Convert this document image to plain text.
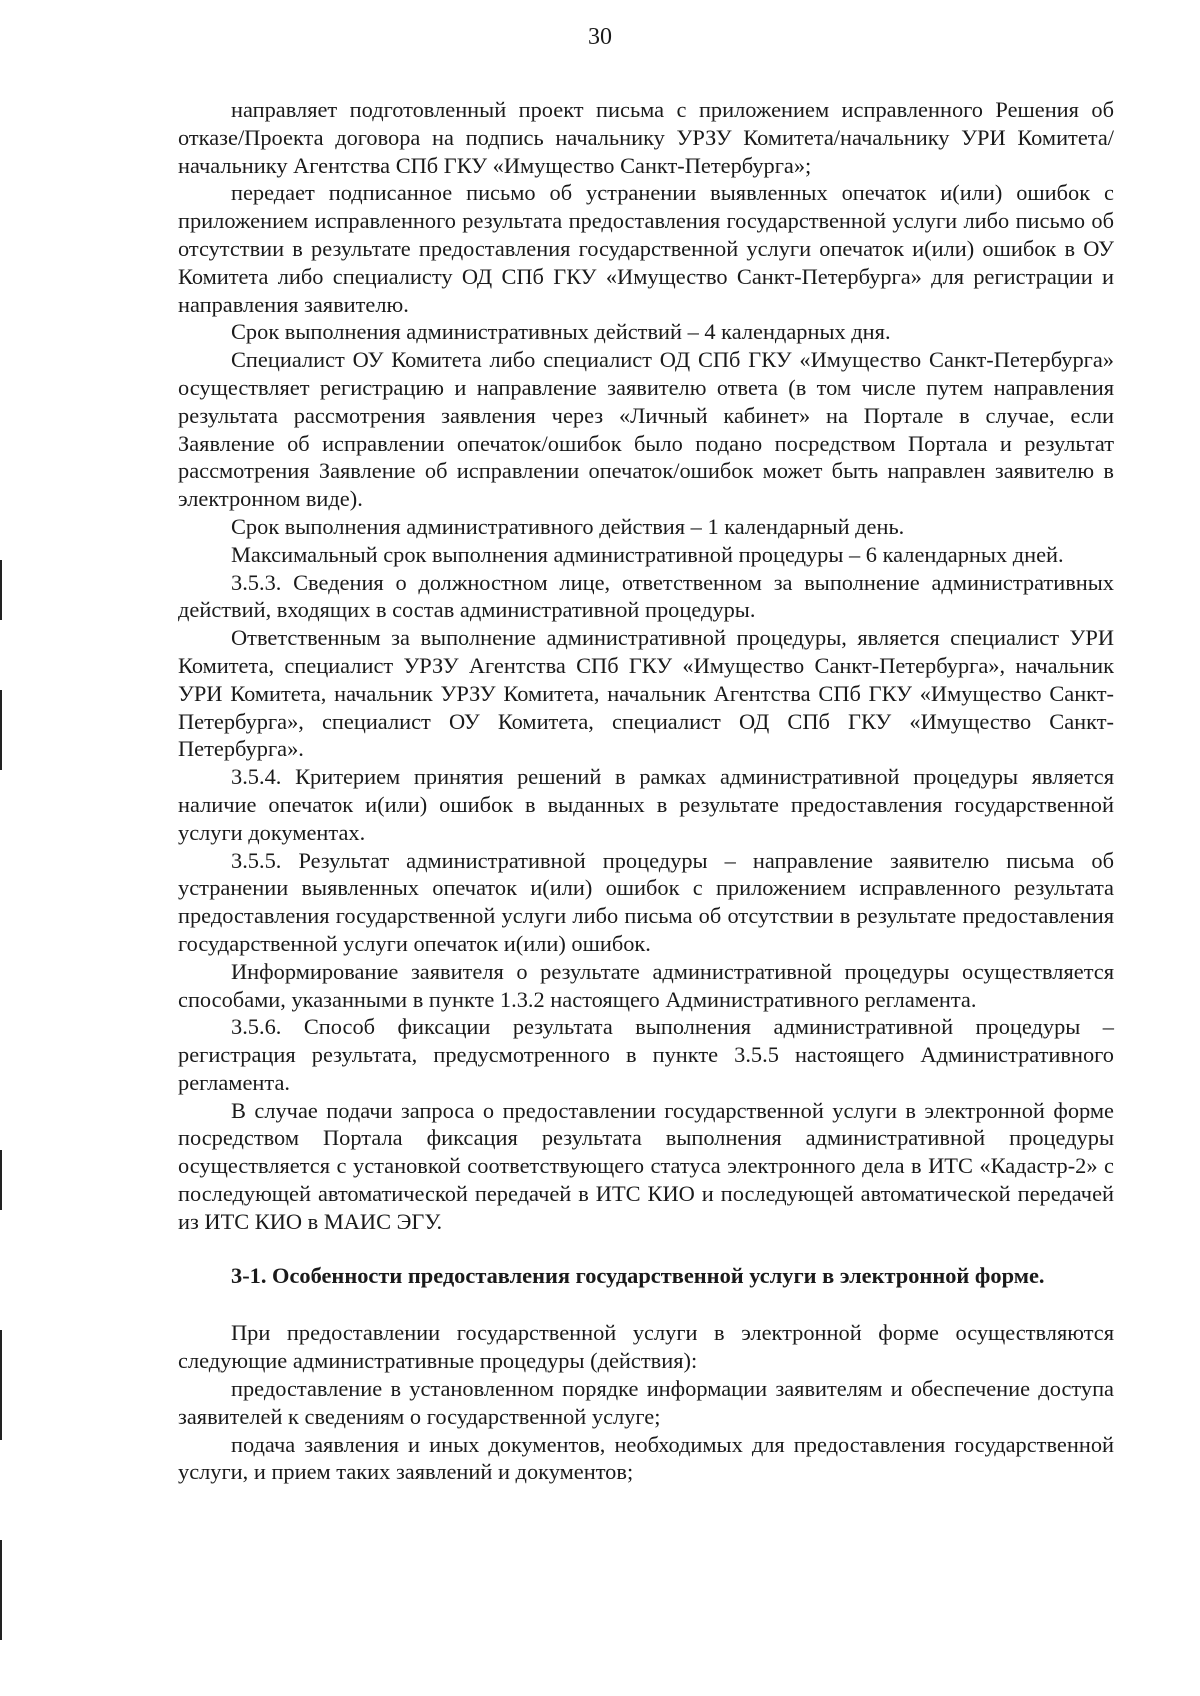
30

направляет подготовленный проект письма с приложением исправленного Решения об отказе/Проекта договора на подпись начальнику УРЗУ Комитета/начальнику УРИ Комитета/начальнику Агентства СПб ГКУ «Имущество Санкт-Петербурга»;

передает подписанное письмо об устранении выявленных опечаток и(или) ошибок с приложением исправленного результата предоставления государственной услуги либо письмо об отсутствии в результате предоставления государственной услуги опечаток и(или) ошибок в ОУ Комитета либо специалисту ОД СПб ГКУ «Имущество Санкт-Петербурга» для регистрации и направления заявителю.

Срок выполнения административных действий – 4 календарных дня.

Специалист ОУ Комитета либо специалист ОД СПб ГКУ «Имущество Санкт-Петербурга» осуществляет регистрацию и направление заявителю ответа (в том числе путем направления результата рассмотрения заявления через «Личный кабинет» на Портале в случае, если Заявление об исправлении опечаток/ошибок было подано посредством Портала и результат рассмотрения Заявление об исправлении опечаток/ошибок может быть направлен заявителю в электронном виде).

Срок выполнения административного действия – 1 календарный день.

Максимальный срок выполнения административной процедуры – 6 календарных дней.

3.5.3. Сведения о должностном лице, ответственном за выполнение административных действий, входящих в состав административной процедуры.

Ответственным за выполнение административной процедуры, является специалист УРИ Комитета, специалист УРЗУ Агентства СПб ГКУ «Имущество Санкт-Петербурга», начальник УРИ Комитета, начальник УРЗУ Комитета, начальник Агентства СПб ГКУ «Имущество Санкт-Петербурга», специалист ОУ Комитета, специалист ОД СПб ГКУ «Имущество Санкт-Петербурга».

3.5.4. Критерием принятия решений в рамках административной процедуры является наличие опечаток и(или) ошибок в выданных в результате предоставления государственной услуги документах.

3.5.5. Результат административной процедуры – направление заявителю письма об устранении выявленных опечаток и(или) ошибок с приложением исправленного результата предоставления государственной услуги либо письма об отсутствии в результате предоставления государственной услуги опечаток и(или) ошибок.

Информирование заявителя о результате административной процедуры осуществляется способами, указанными в пункте 1.3.2 настоящего Административного регламента.

3.5.6. Способ фиксации результата выполнения административной процедуры – регистрация результата, предусмотренного в пункте 3.5.5 настоящего Административного регламента.

В случае подачи запроса о предоставлении государственной услуги в электронной форме посредством Портала фиксация результата выполнения административной процедуры осуществляется с установкой соответствующего статуса электронного дела в ИТС «Кадастр-2» с последующей автоматической передачей в ИТС КИО и последующей автоматической передачей из ИТС КИО в МАИС ЭГУ.

3-1. Особенности предоставления государственной услуги в электронной форме.

При предоставлении государственной услуги в электронной форме осуществляются следующие административные процедуры (действия):

предоставление в установленном порядке информации заявителям и обеспечение доступа заявителей к сведениям о государственной услуге;

подача заявления и иных документов, необходимых для предоставления государственной услуги, и прием таких заявлений и документов;
